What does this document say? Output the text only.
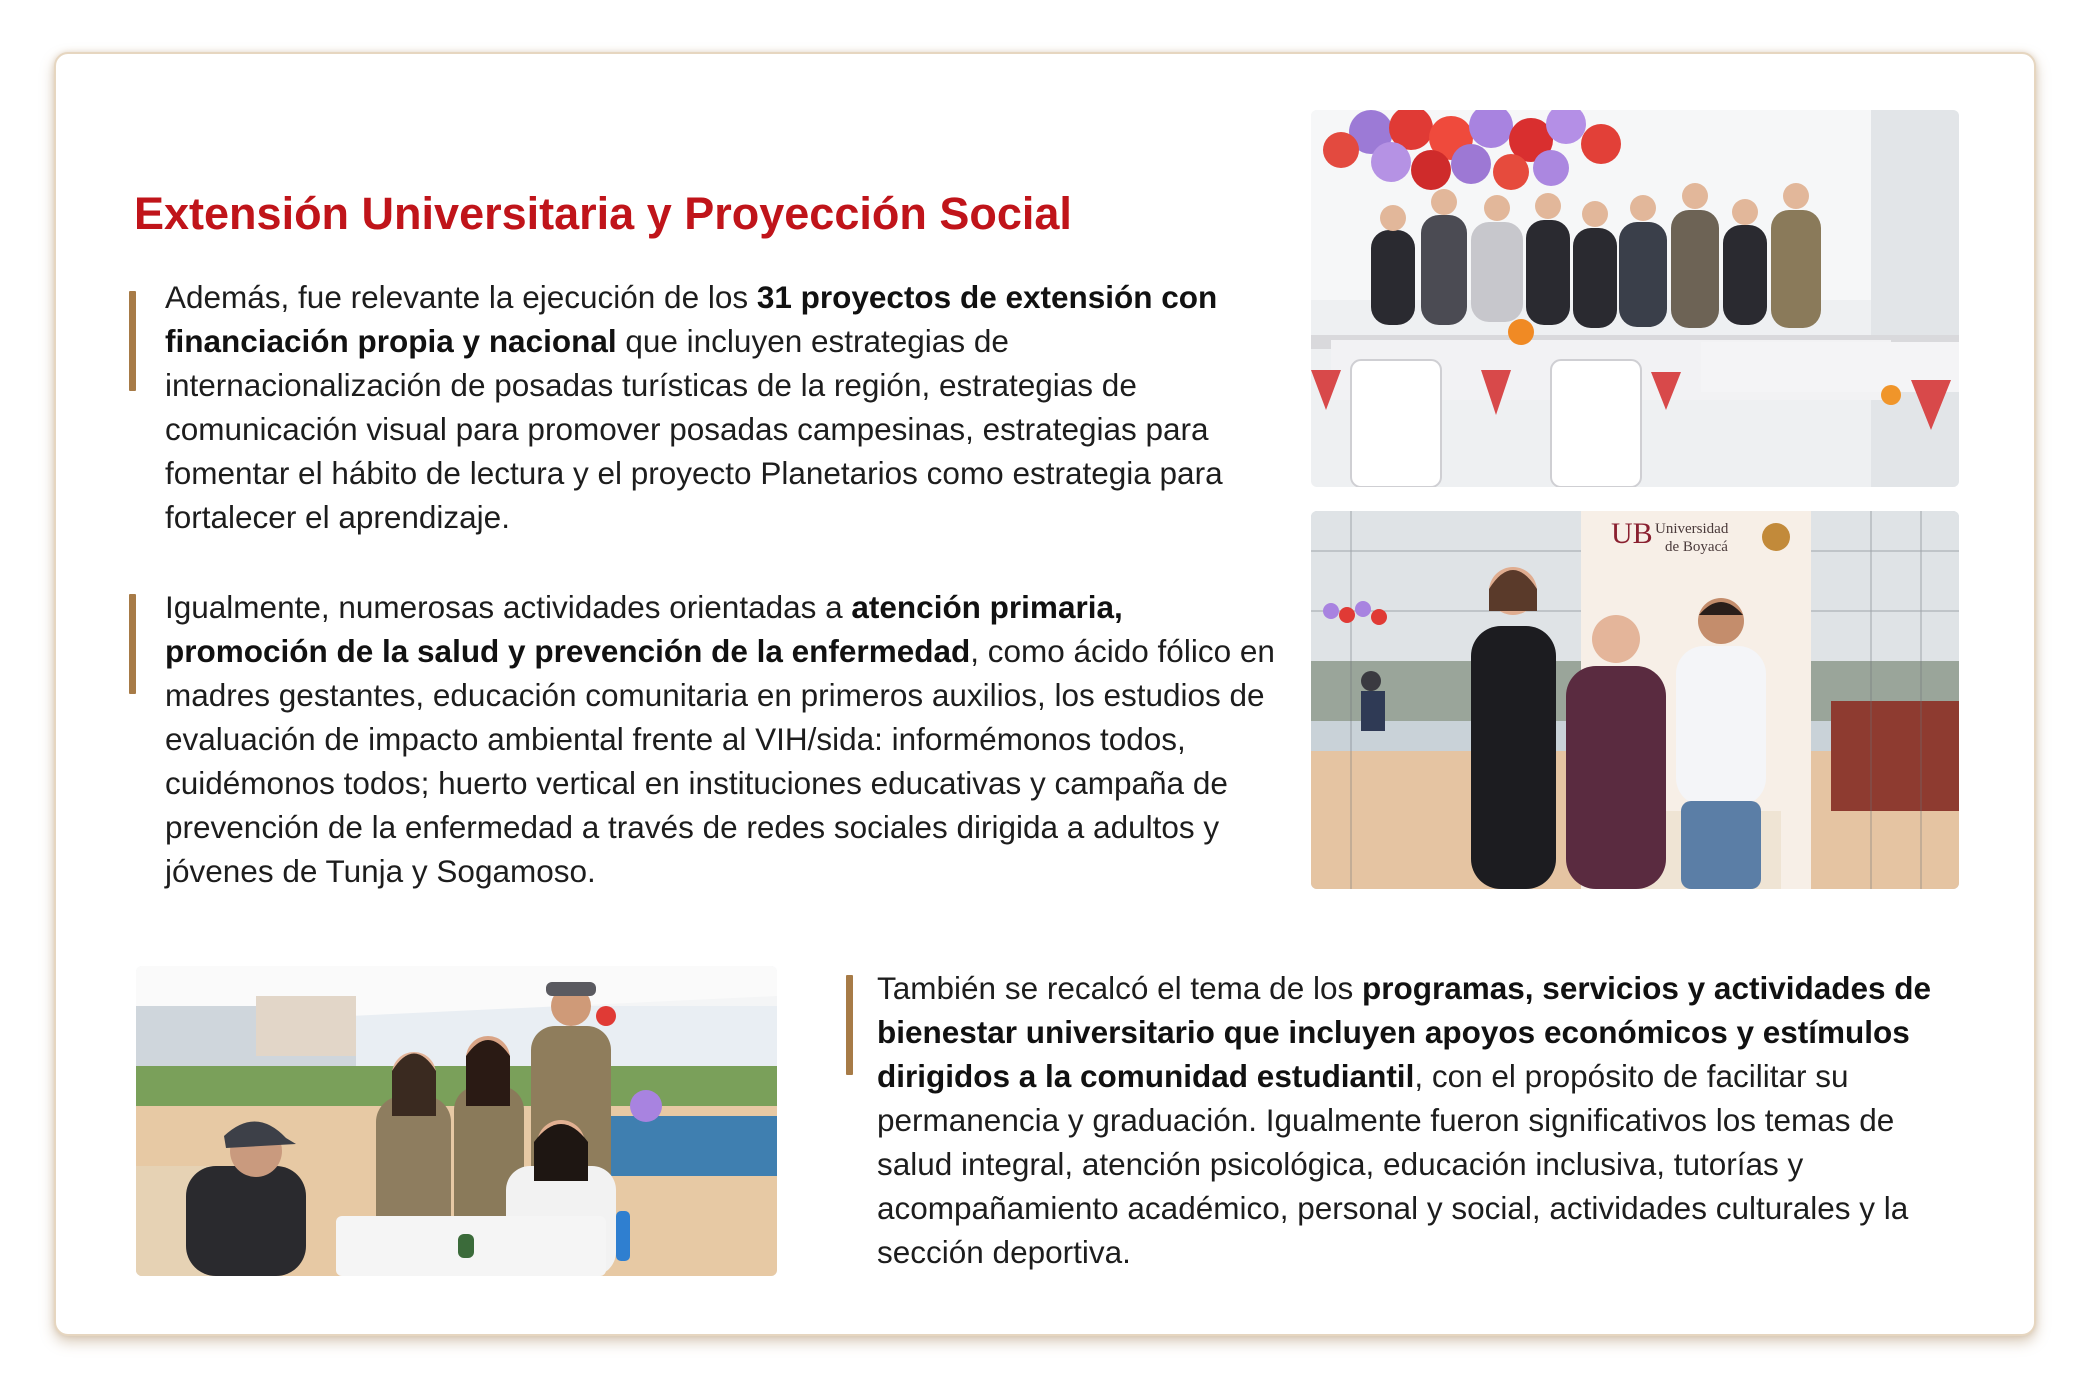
Extensión Universitaria y Proyección Social

Además, fue relevante la ejecución de los 31 proyectos de extensión con financiación propia y nacional que incluyen estrategias de internacionalización de posadas turísticas de la región, estrategias de comunicación visual para promover posadas campesinas, estrategias para fomentar el hábito de lectura y el proyecto Planetarios como estrategia para fortalecer el aprendizaje.

Igualmente, numerosas actividades orientadas a atención primaria, promoción de la salud y prevención de la enfermedad, como ácido fólico en madres gestantes, educación comunitaria en primeros auxilios, los estudios de evaluación de impacto ambiental frente al VIH/sida: informémonos todos, cuidémonos todos; huerto vertical en instituciones educativas y campaña de prevención de la enfermedad a través de redes sociales dirigida a adultos y jóvenes de Tunja y Sogamoso.

También se recalcó el tema de los programas, servicios y actividades de bienestar universitario que incluyen apoyos económicos y estímulos dirigidos a la comunidad estudiantil, con el propósito de facilitar su permanencia y graduación. Igualmente fueron significativos los temas de salud integral, atención psicológica, educación inclusiva, tutorías y acompañamiento académico, personal y social, actividades culturales y la sección deportiva.

UB Universidad
de Boyacá
